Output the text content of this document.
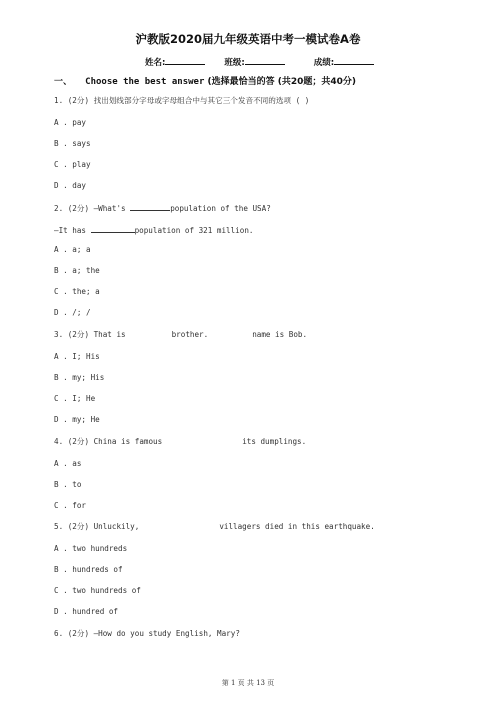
沪教版2020届九年级英语中考一模试卷A卷
姓名:	班级:	成绩:
一、 Choose the best answer (选择最恰当的答 (共20题；共40分)
1. (2分) 找出划线部分字母或字母组合中与其它三个发音不同的选项 ( )
A . pay
B . says
C . play
D . day
2. (2分) —What's	population of the USA?
—It has	population of 321 million.
A . a; a
B . a; the
C . the; a
D . /; /
3. (2分) That is	brother.	name is Bob.
A . I; His
B . my; His
C . I; He
D . my; He
4. (2分) China is famous	its dumplings.
A . as
B . to
C . for
5. (2分) Unluckily,	villagers died in this earthquake.
A . two hundreds
B . hundreds of
C . two hundreds of
D . hundred of
6. (2分) —How do you study English, Mary?
第 1 页 共 13 页
